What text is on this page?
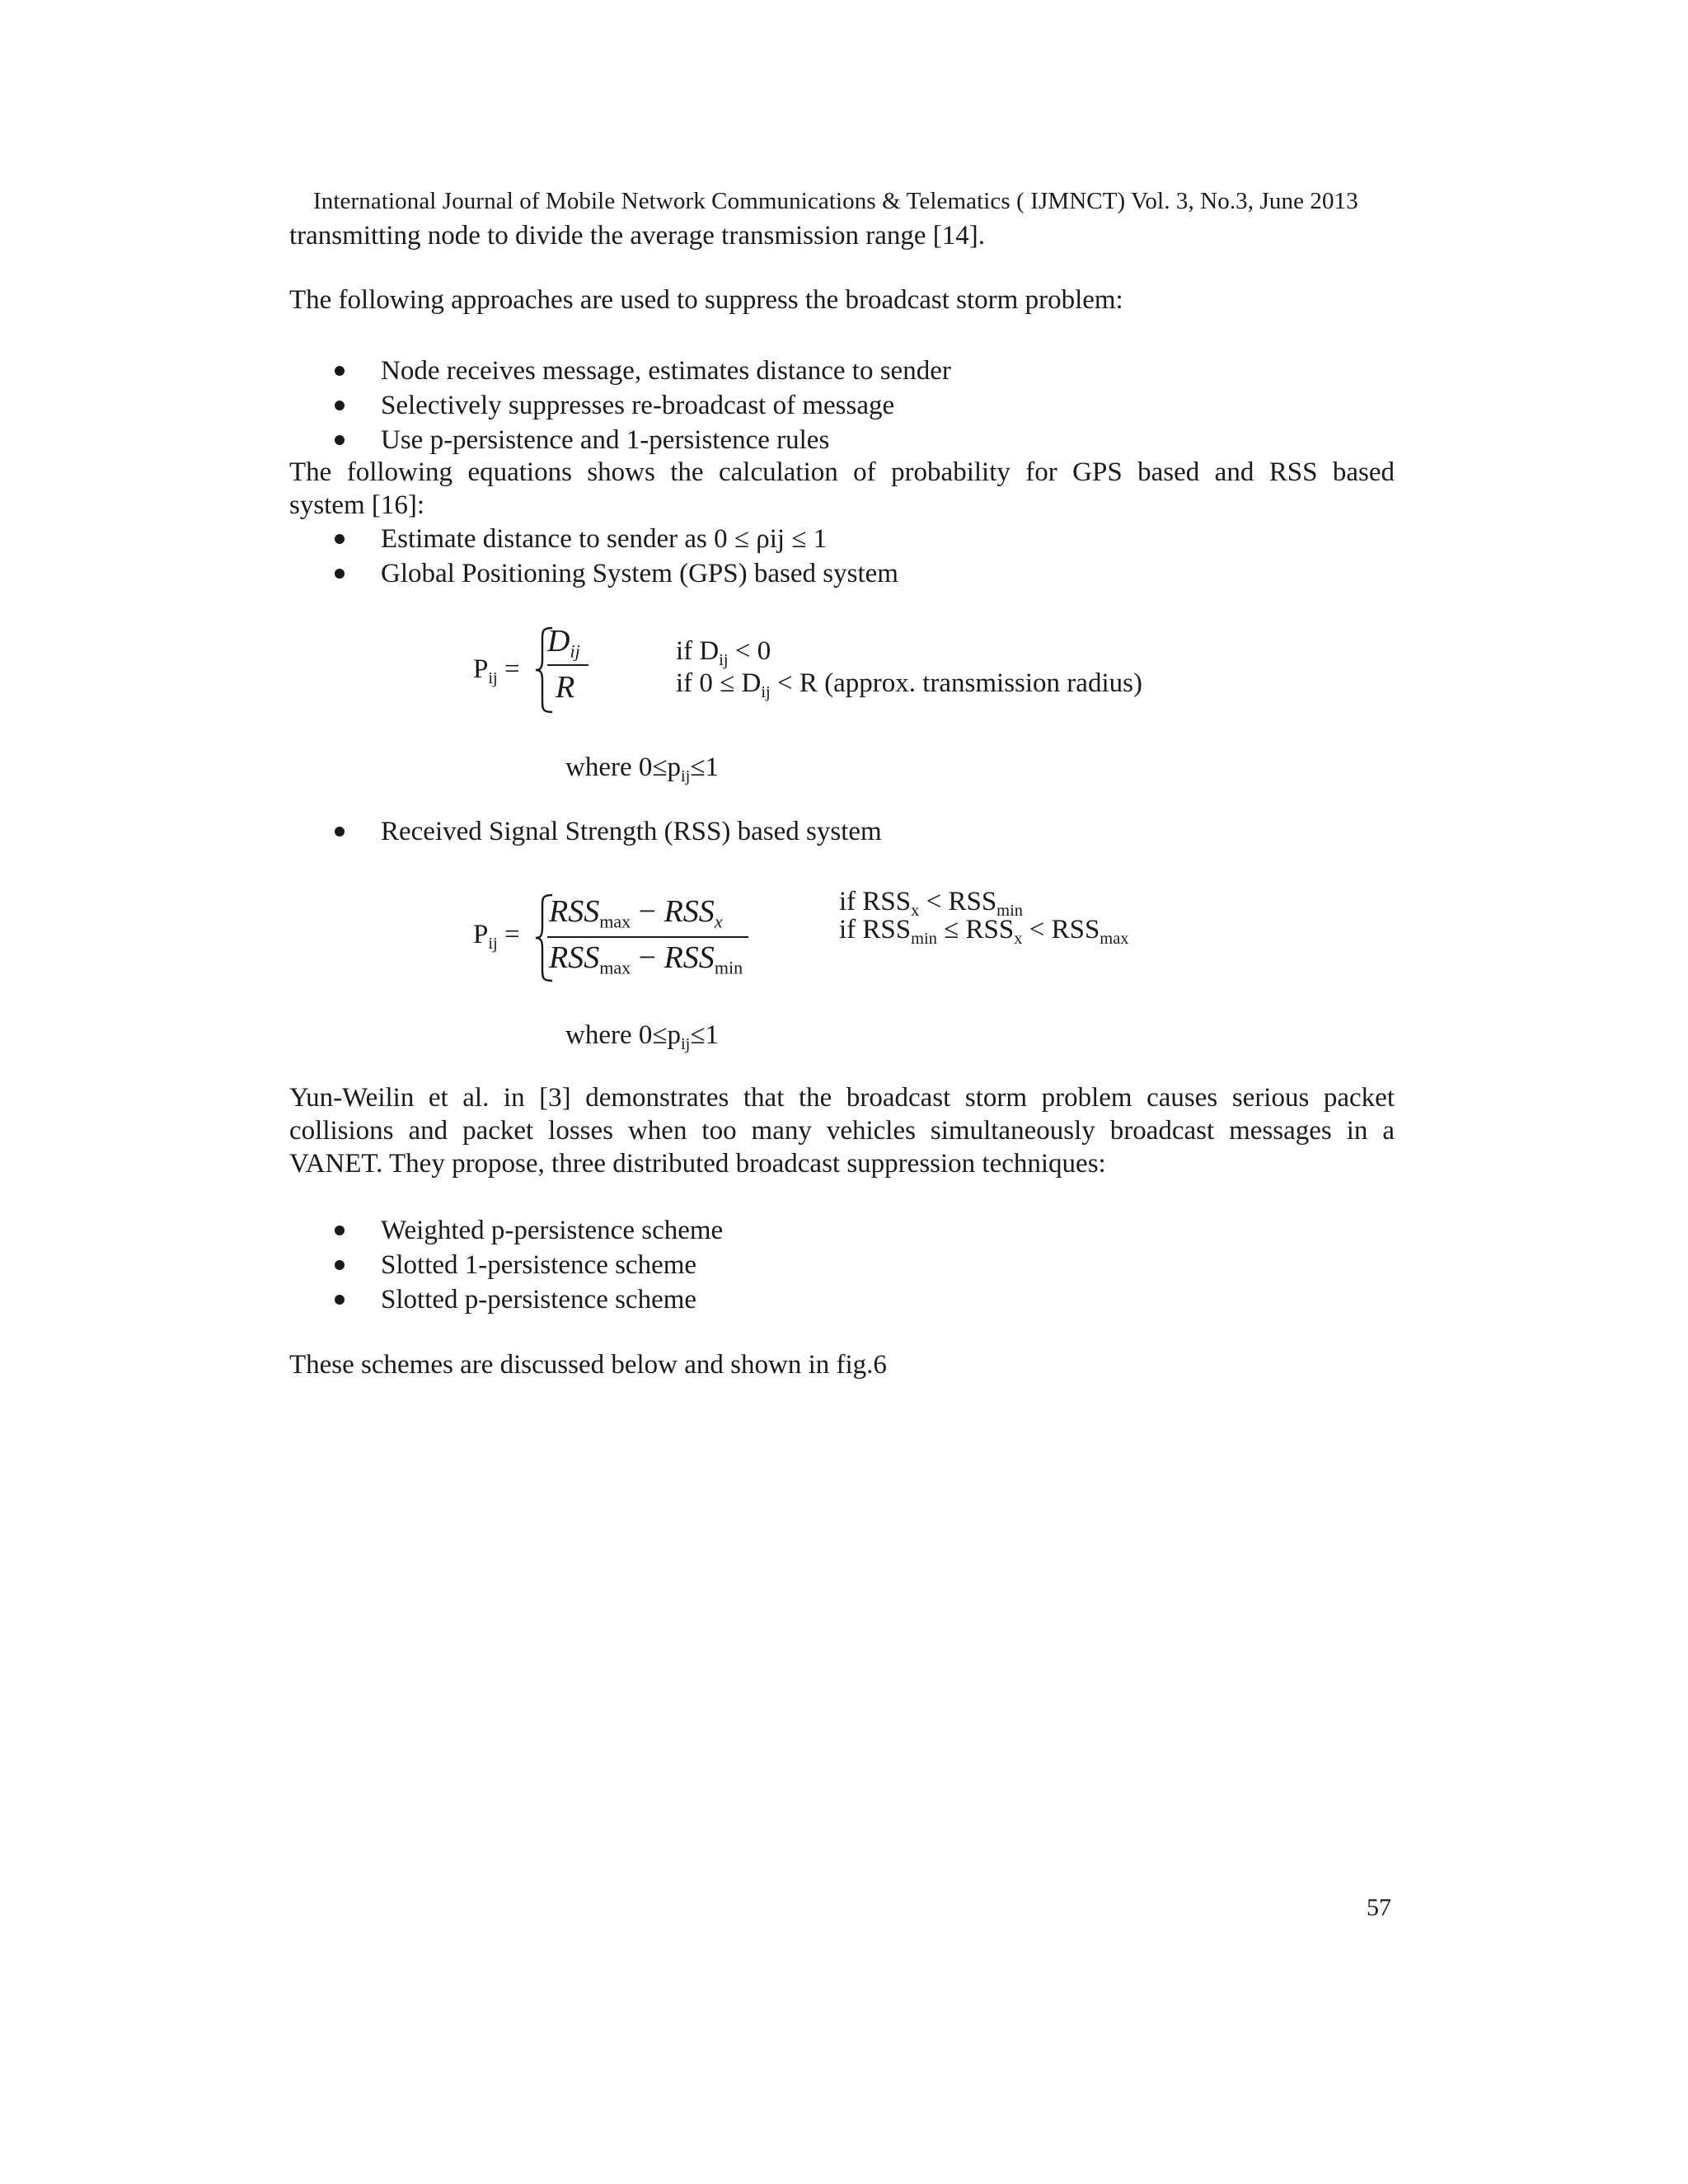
International Journal of Mobile Network Communications & Telematics ( IJMNCT) Vol. 3, No.3, June 2013
transmitting node to divide the average transmission range [14].
The following approaches are used to suppress the broadcast storm problem:
Node receives message, estimates distance to sender
Selectively suppresses re-broadcast of message
Use p-persistence and 1-persistence rules
The following equations shows the calculation of probability for GPS based and RSS based
system [16]:
Estimate distance to sender as 0 ≤ ρij ≤ 1
Global Positioning System (GPS) based system
$P_{ij}$ =
$D_{ij}$
R
if $D_{ij} < 0$
if $0 \le D_{ij} < R$ (approx. transmission radius)
where $0\le p_{ij}\le 1$
Received Signal Strength (RSS) based system
$P_{ij}$ =
$RSS_{max} - RSS_x$
$RSS_{max} - RSS_{min}$
if $RSS_x < RSS_{min}$
if $RSS_{min} \le RSS_x < RSS_{max}$
where $0\le p_{ij}\le 1$
Yun-Weilin et al. in [3] demonstrates that the broadcast storm problem causes serious packet
collisions and packet losses when too many vehicles simultaneously broadcast messages in a
VANET. They propose, three distributed broadcast suppression techniques:
Weighted p-persistence scheme
Slotted 1-persistence scheme
Slotted p-persistence scheme
These schemes are discussed below and shown in fig.6
57
